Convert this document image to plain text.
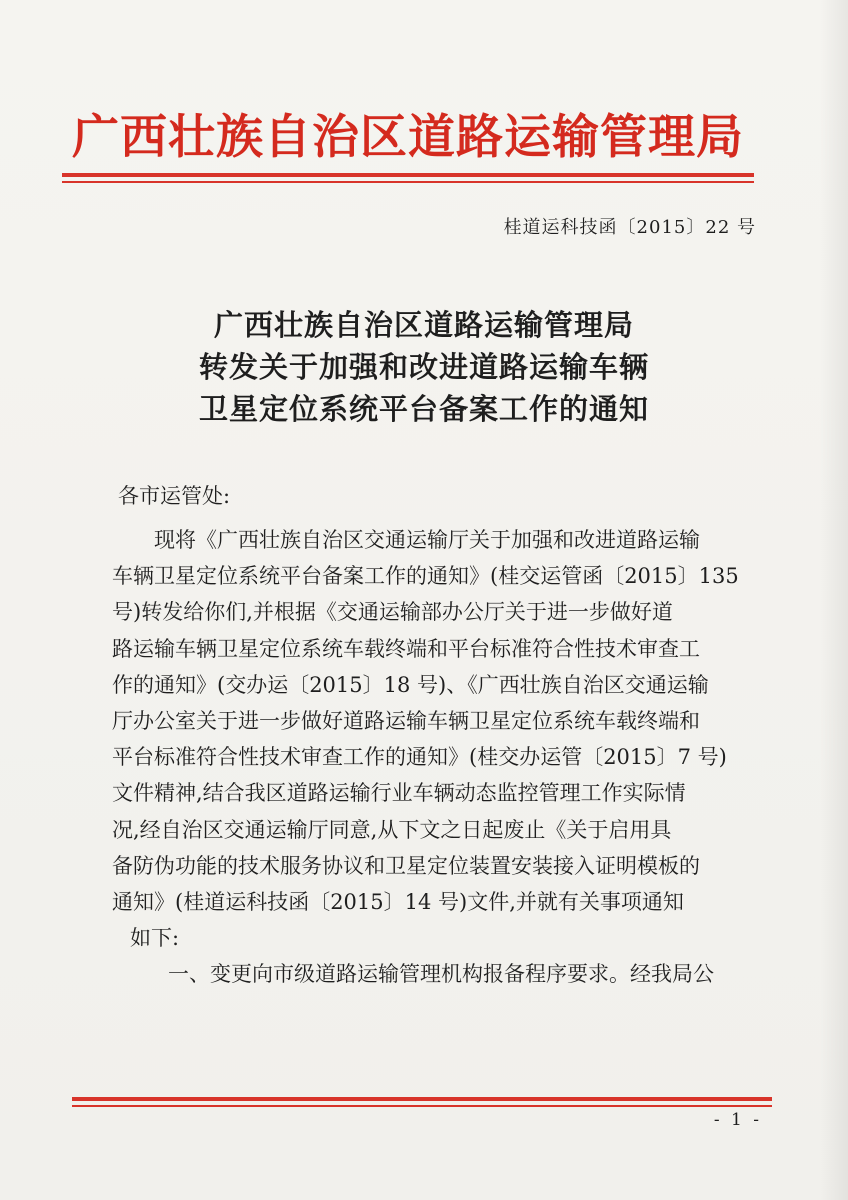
广西壮族自治区道路运输管理局
桂道运科技函〔2015〕22 号
广西壮族自治区道路运输管理局
转发关于加强和改进道路运输车辆
卫星定位系统平台备案工作的通知
各市运管处:
现将《广西壮族自治区交通运输厅关于加强和改进道路运输
车辆卫星定位系统平台备案工作的通知》(桂交运管函〔2015〕135
号)转发给你们,并根据《交通运输部办公厅关于进一步做好道
路运输车辆卫星定位系统车载终端和平台标准符合性技术审查工
作的通知》(交办运〔2015〕18 号)、《广西壮族自治区交通运输
厅办公室关于进一步做好道路运输车辆卫星定位系统车载终端和
平台标准符合性技术审查工作的通知》(桂交办运管〔2015〕7 号)
文件精神,结合我区道路运输行业车辆动态监控管理工作实际情
况,经自治区交通运输厅同意,从下文之日起废止《关于启用具
备防伪功能的技术服务协议和卫星定位装置安装接入证明模板的
通知》(桂道运科技函〔2015〕14 号)文件,并就有关事项通知
如下:
一、变更向市级道路运输管理机构报备程序要求。经我局公
- 1 -
